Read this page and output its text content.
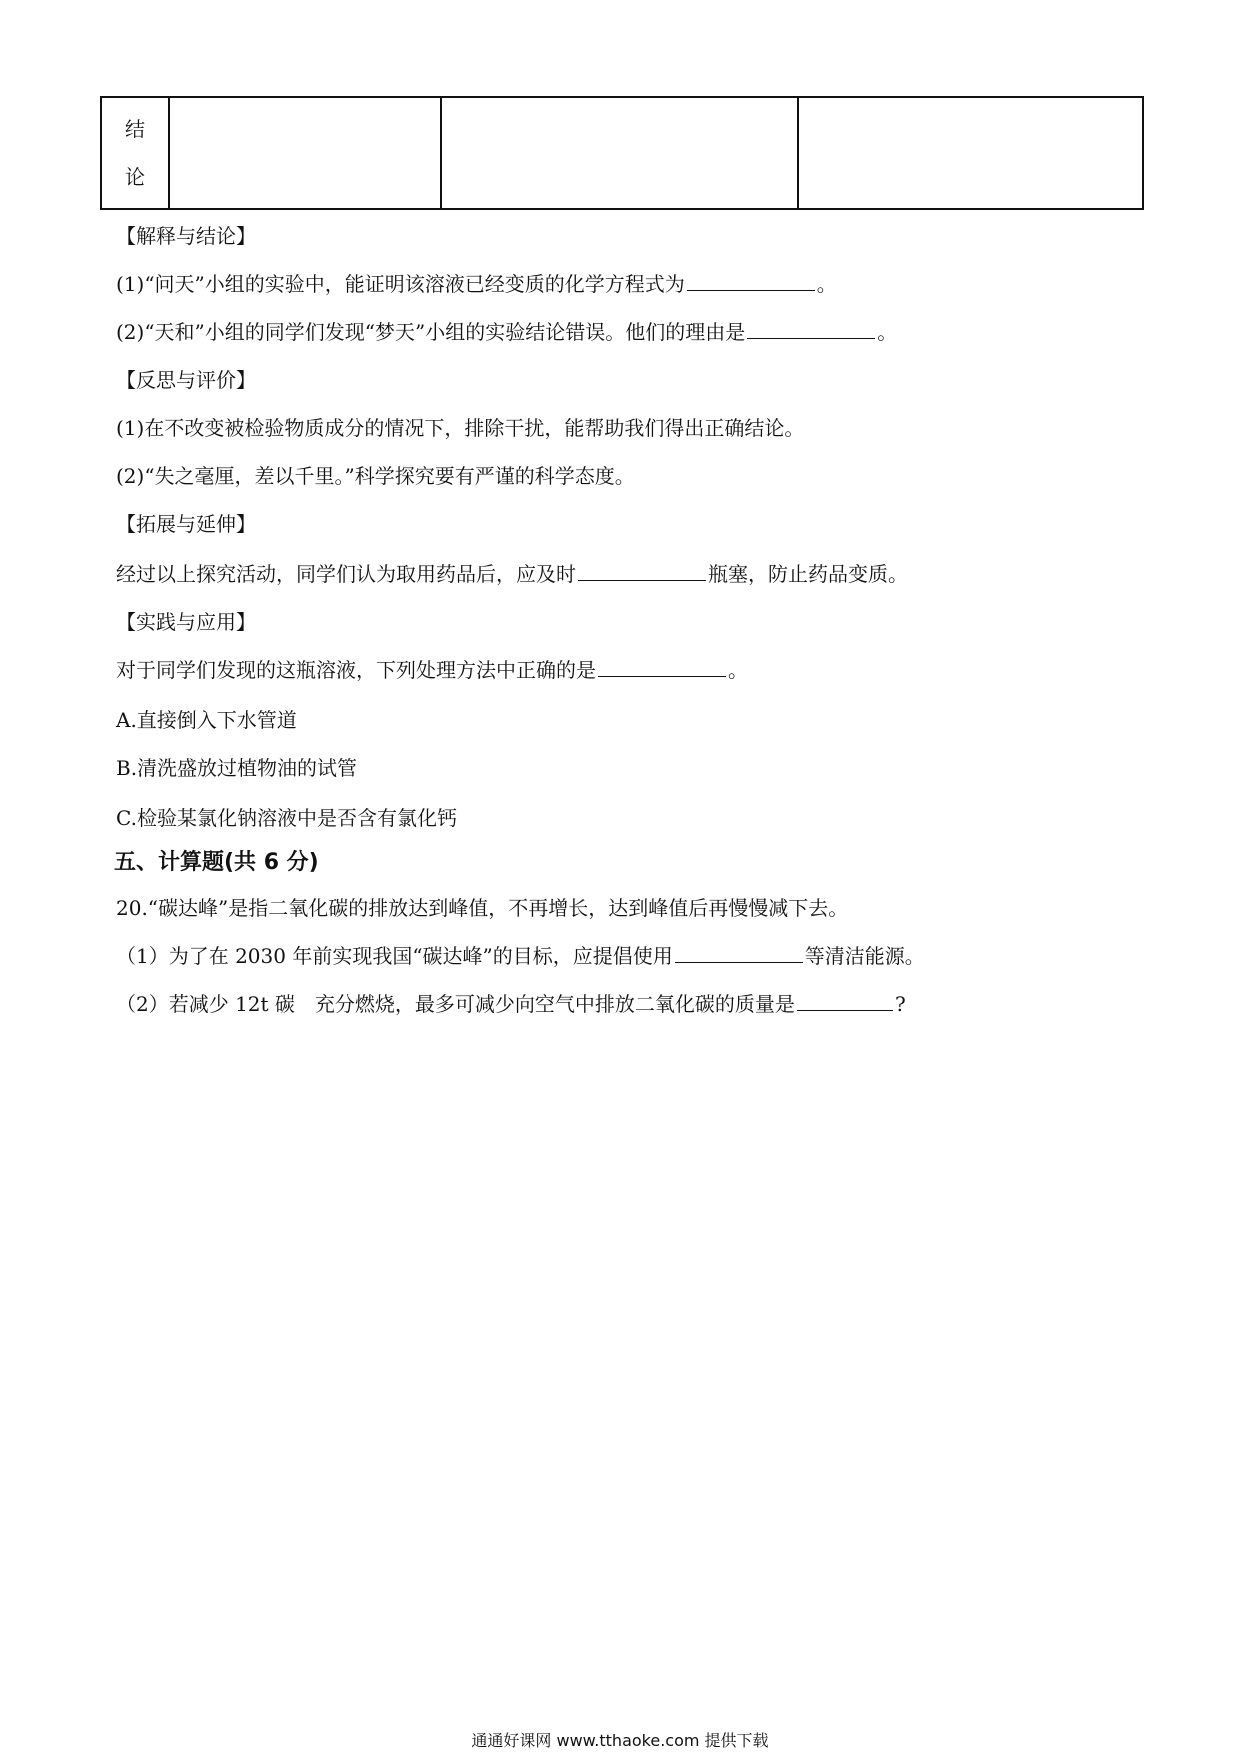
结
论

【解释与结论】
(1)“问天”小组的实验中，能证明该溶液已经变质的化学方程式为	。
(2)“天和”小组的同学们发现“梦天”小组的实验结论错误。他们的理由是	。
【反思与评价】
(1)在不改变被检验物质成分的情况下，排除干扰，能帮助我们得出正确结论。
(2)“失之毫厘，差以千里。”科学探究要有严谨的科学态度。
【拓展与延伸】
经过以上探究活动，同学们认为取用药品后，应及时	瓶塞，防止药品变质。
【实践与应用】
对于同学们发现的这瓶溶液，下列处理方法中正确的是	。
A.直接倒入下水管道
B.清洗盛放过植物油的试管
C.检验某氯化钠溶液中是否含有氯化钙
五、计算题(共 6 分)
20.“碳达峰”是指二氧化碳的排放达到峰值，不再增长，达到峰值后再慢慢减下去。
（1）为了在 2030 年前实现我国“碳达峰”的目标，应提倡使用	等清洁能源。
（2）若减少 12t 碳　充分燃烧，最多可减少向空气中排放二氧化碳的质量是	?
通通好课网 www.tthaoke.com 提供下载
